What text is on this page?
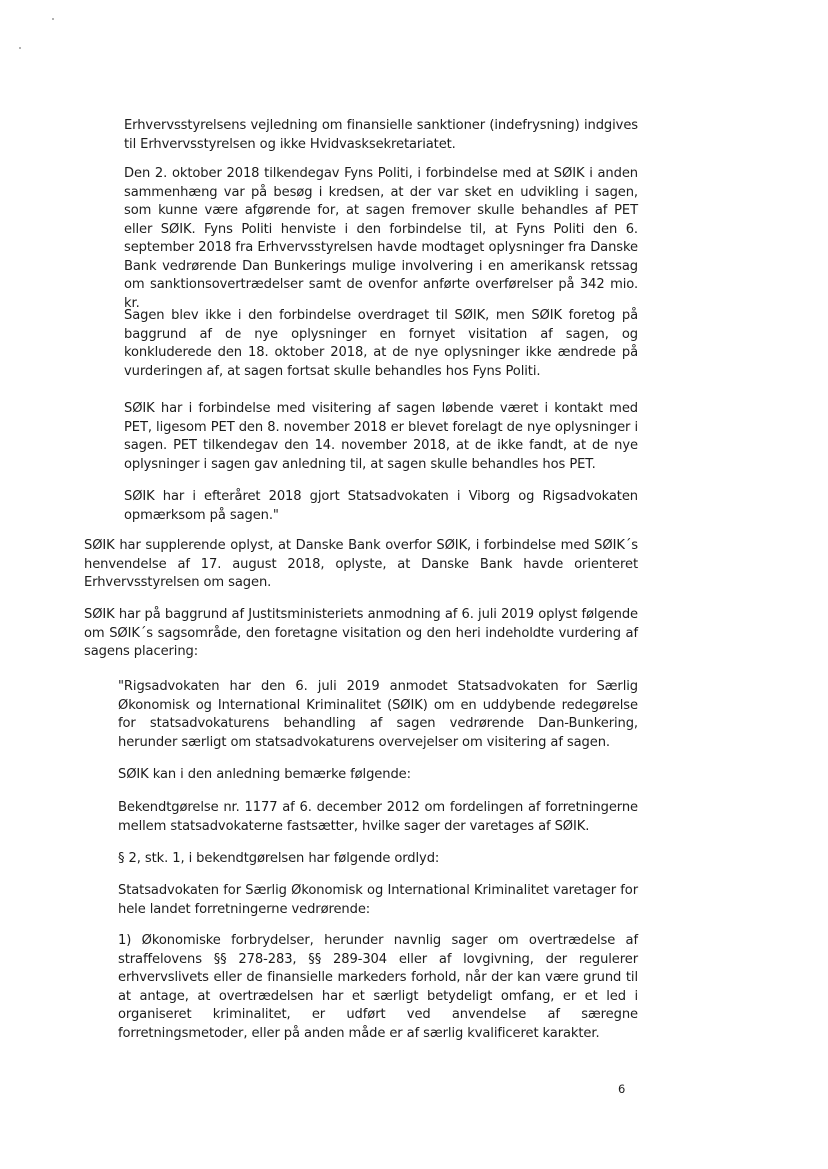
Erhvervsstyrelsens vejledning om finansielle sanktioner (indefrysning) indgives til Erhvervsstyrelsen og ikke Hvidvasksekretariatet.

Den 2. oktober 2018 tilkendegav Fyns Politi, i forbindelse med at SØIK i anden sammenhæng var på besøg i kredsen, at der var sket en udvikling i sagen, som kunne være afgørende for, at sagen fremover skulle behandles af PET eller SØIK. Fyns Politi henviste i den forbindelse til, at Fyns Politi den 6. september 2018 fra Erhvervsstyrelsen havde modtaget oplysninger fra Danske Bank vedrørende Dan Bunkerings mulige involvering i en amerikansk retssag om sanktionsovertrædelser samt de ovenfor anførte overførelser på 342 mio. kr.

Sagen blev ikke i den forbindelse overdraget til SØIK, men SØIK foretog på baggrund af de nye oplysninger en fornyet visitation af sagen, og konkluderede den 18. oktober 2018, at de nye oplysninger ikke ændrede på vurderingen af, at sagen fortsat skulle behandles hos Fyns Politi.

SØIK har i forbindelse med visitering af sagen løbende været i kontakt med PET, ligesom PET den 8. november 2018 er blevet forelagt de nye oplysninger i sagen. PET tilkendegav den 14. november 2018, at de ikke fandt, at de nye oplysninger i sagen gav anledning til, at sagen skulle behandles hos PET.

SØIK har i efteråret 2018 gjort Statsadvokaten i Viborg og Rigsadvokaten opmærksom på sagen."

SØIK har supplerende oplyst, at Danske Bank overfor SØIK, i forbindelse med SØIK´s henvendelse af 17. august 2018, oplyste, at Danske Bank havde orienteret Erhvervsstyrelsen om sagen.

SØIK har på baggrund af Justitsministeriets anmodning af 6. juli 2019 oplyst følgende om SØIK´s sagsområde, den foretagne visitation og den heri indeholdte vurdering af sagens placering:

"Rigsadvokaten har den 6. juli 2019 anmodet Statsadvokaten for Særlig Økonomisk og International Kriminalitet (SØIK) om en uddybende redegørelse for statsadvokaturens behandling af sagen vedrørende Dan-Bunkering, herunder særligt om statsadvokaturens overvejelser om visitering af sagen.

SØIK kan i den anledning bemærke følgende:

Bekendtgørelse nr. 1177 af 6. december 2012 om fordelingen af forretningerne mellem statsadvokaterne fastsætter, hvilke sager der varetages af SØIK.

§ 2, stk. 1, i bekendtgørelsen har følgende ordlyd:

Statsadvokaten for Særlig Økonomisk og International Kriminalitet varetager for hele landet forretningerne vedrørende:

1) Økonomiske forbrydelser, herunder navnlig sager om overtrædelse af straffelovens §§ 278-283, §§ 289-304 eller af lovgivning, der regulerer erhvervslivets eller de finansielle markeders forhold, når der kan være grund til at antage, at overtrædelsen har et særligt betydeligt omfang, er et led i organiseret kriminalitet, er udført ved anvendelse af særegne forretningsmetoder, eller på anden måde er af særlig kvalificeret karakter.

6
